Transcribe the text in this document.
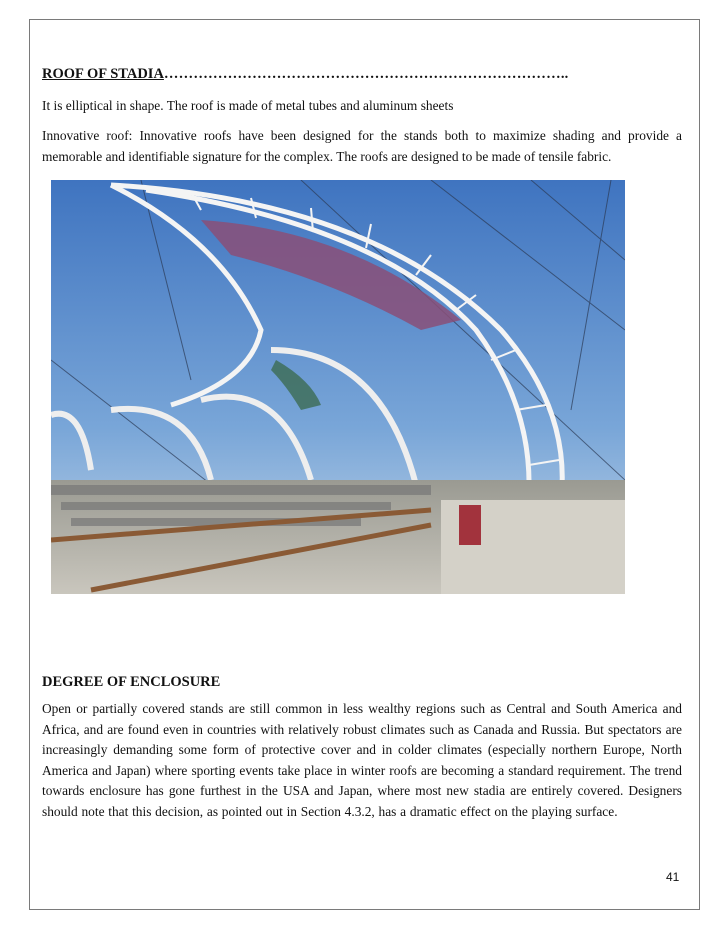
ROOF OF STADIA………………………………………………………………………..

It is elliptical in shape. The roof is made of metal tubes and aluminum sheets

Innovative roof: Innovative roofs have been designed for the stands both to maximize shading and provide a memorable and identifiable signature for the complex. The roofs are designed to be made of tensile fabric.

DEGREE OF ENCLOSURE

Open or partially covered stands are still common in less wealthy regions such as Central and South America and Africa, and are found even in countries with relatively robust climates such as Canada and Russia. But spectators are increasingly demanding some form of protective cover and in colder climates (especially northern Europe, North America and Japan) where sporting events take place in winter roofs are becoming a standard requirement. The trend towards enclosure has gone furthest in the USA and Japan, where most new stadia are entirely covered. Designers should note that this decision, as pointed out in Section 4.3.2, has a dramatic effect on the playing surface.

41
